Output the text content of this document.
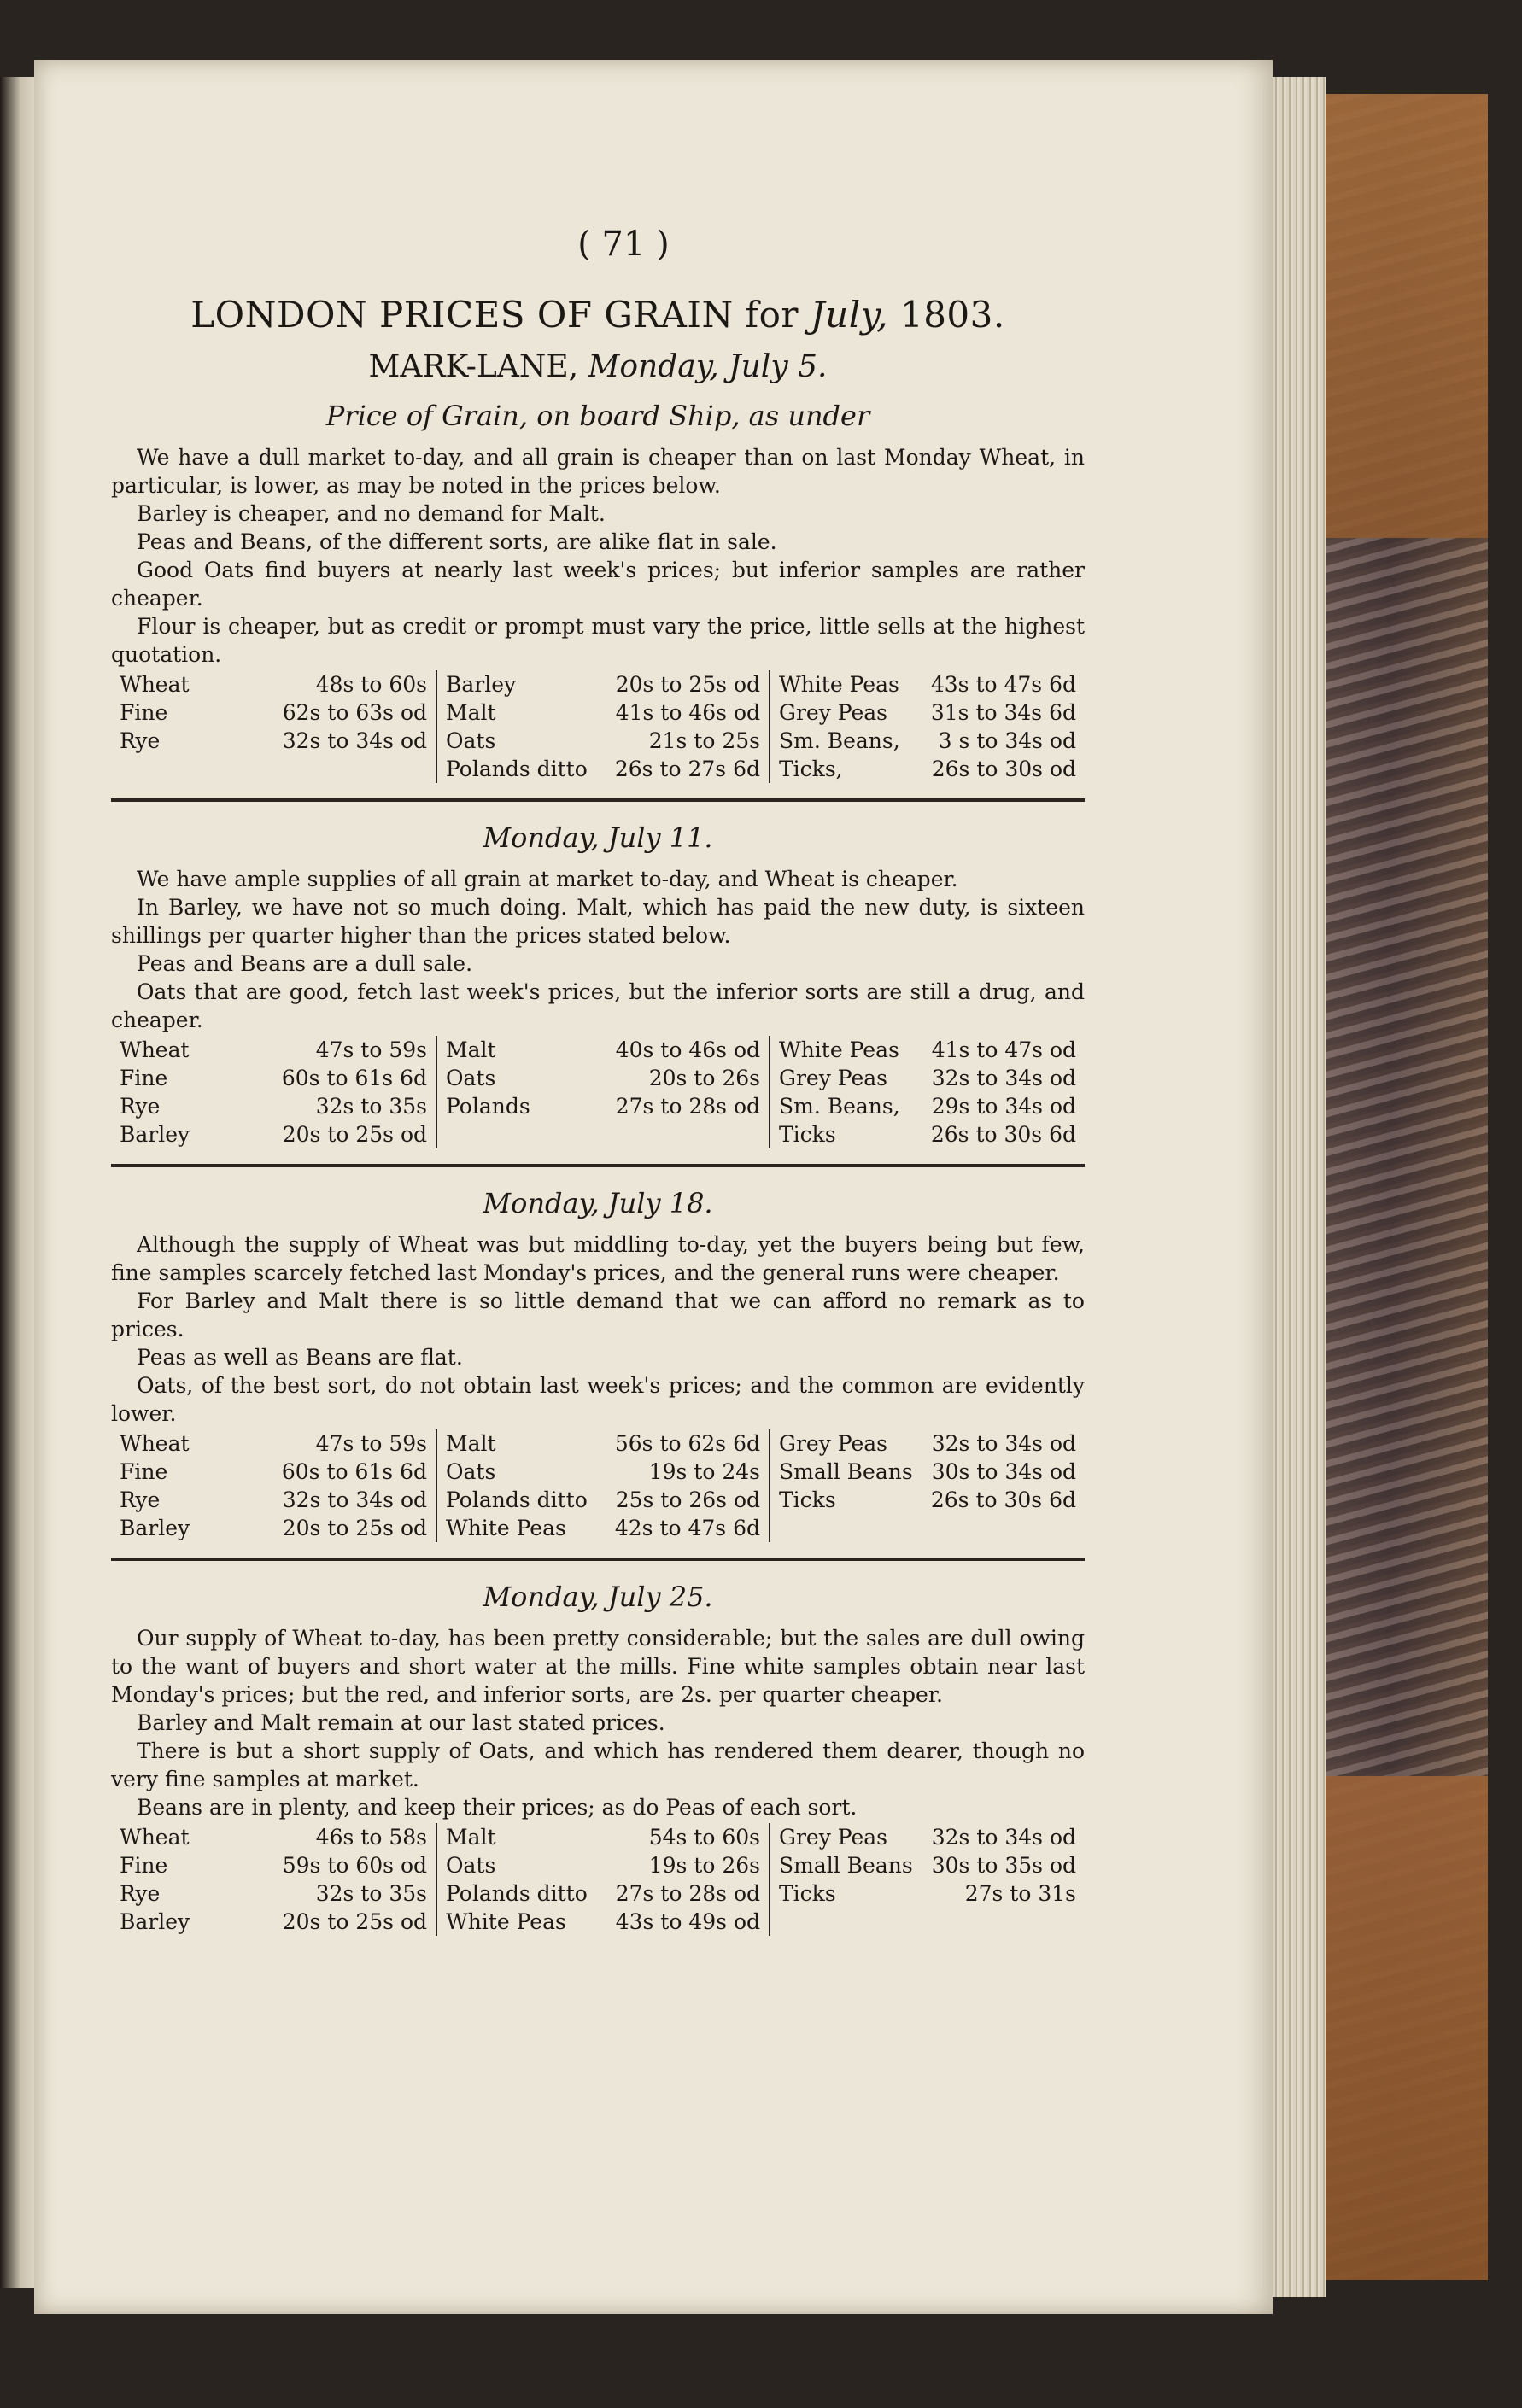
( 71 )
LONDON PRICES OF GRAIN for July, 1803.
MARK-LANE, Monday, July 5.
Price of Grain, on board Ship, as under

We have a dull market to-day, and all grain is cheaper than on last Monday Wheat, in particular, is lower, as may be noted in the prices below.

Barley is cheaper, and no demand for Malt.

Peas and Beans, of the different sorts, are alike flat in sale.

Good Oats find buyers at nearly last week's prices; but inferior samples are rather cheaper.

Flour is cheaper, but as credit or prompt must vary the price, little sells at the highest quotation.

Wheat	48s to 60s
Fine	62s to 63s od
Rye	32s to 34s od
Barley	20s to 25s od
Malt	41s to 46s od
Oats	21s to 25s
Polands ditto 26s to 27s 6d
White Peas 43s to 47s 6d
Grey Peas 31s to 34s 6d
Sm. Beans, 3 s to 34s od
Ticks,	26s to 30s od
Monday, July 11.

We have ample supplies of all grain at market to-day, and Wheat is cheaper.

In Barley, we have not so much doing. Malt, which has paid the new duty, is sixteen shillings per quarter higher than the prices stated below.

Peas and Beans are a dull sale.

Oats that are good, fetch last week's prices, but the inferior sorts are still a drug, and cheaper.

Wheat	47s to 59s
Fine	60s to 61s 6d
Rye	32s to 35s
Barley	20s to 25s od
Malt	40s to 46s od
Oats	20s to 26s
Polands	27s to 28s od
White Peas 41s to 47s od
Grey Peas 32s to 34s od
Sm. Beans, 29s to 34s od
Ticks	26s to 30s 6d
Monday, July 18.

Although the supply of Wheat was but middling to-day, yet the buyers being but few, fine samples scarcely fetched last Monday's prices, and the general runs were cheaper.

For Barley and Malt there is so little demand that we can afford no remark as to prices.

Peas as well as Beans are flat.

Oats, of the best sort, do not obtain last week's prices; and the common are evidently lower.

Wheat	47s to 59s
Fine	60s to 61s 6d
Rye	32s to 34s od
Barley	20s to 25s od
Malt	56s to 62s 6d
Oats	19s to 24s
Polands ditto 25s to 26s od
White Peas 42s to 47s 6d
Grey Peas 32s to 34s od
Small Beans 30s to 34s od
Ticks	26s to 30s 6d
Monday, July 25.

Our supply of Wheat to-day, has been pretty considerable; but the sales are dull owing to the want of buyers and short water at the mills. Fine white samples obtain near last Monday's prices; but the red, and inferior sorts, are 2s. per quarter cheaper.

Barley and Malt remain at our last stated prices.

There is but a short supply of Oats, and which has rendered them dearer, though no very fine samples at market.

Beans are in plenty, and keep their prices; as do Peas of each sort.

Wheat	46s to 58s
Fine	59s to 60s od
Rye	32s to 35s
Barley	20s to 25s od
Malt	54s to 60s
Oats	19s to 26s
Polands ditto 27s to 28s od
White Peas 43s to 49s od
Grey Peas 32s to 34s od
Small Beans 30s to 35s od
Ticks	27s to 31s
